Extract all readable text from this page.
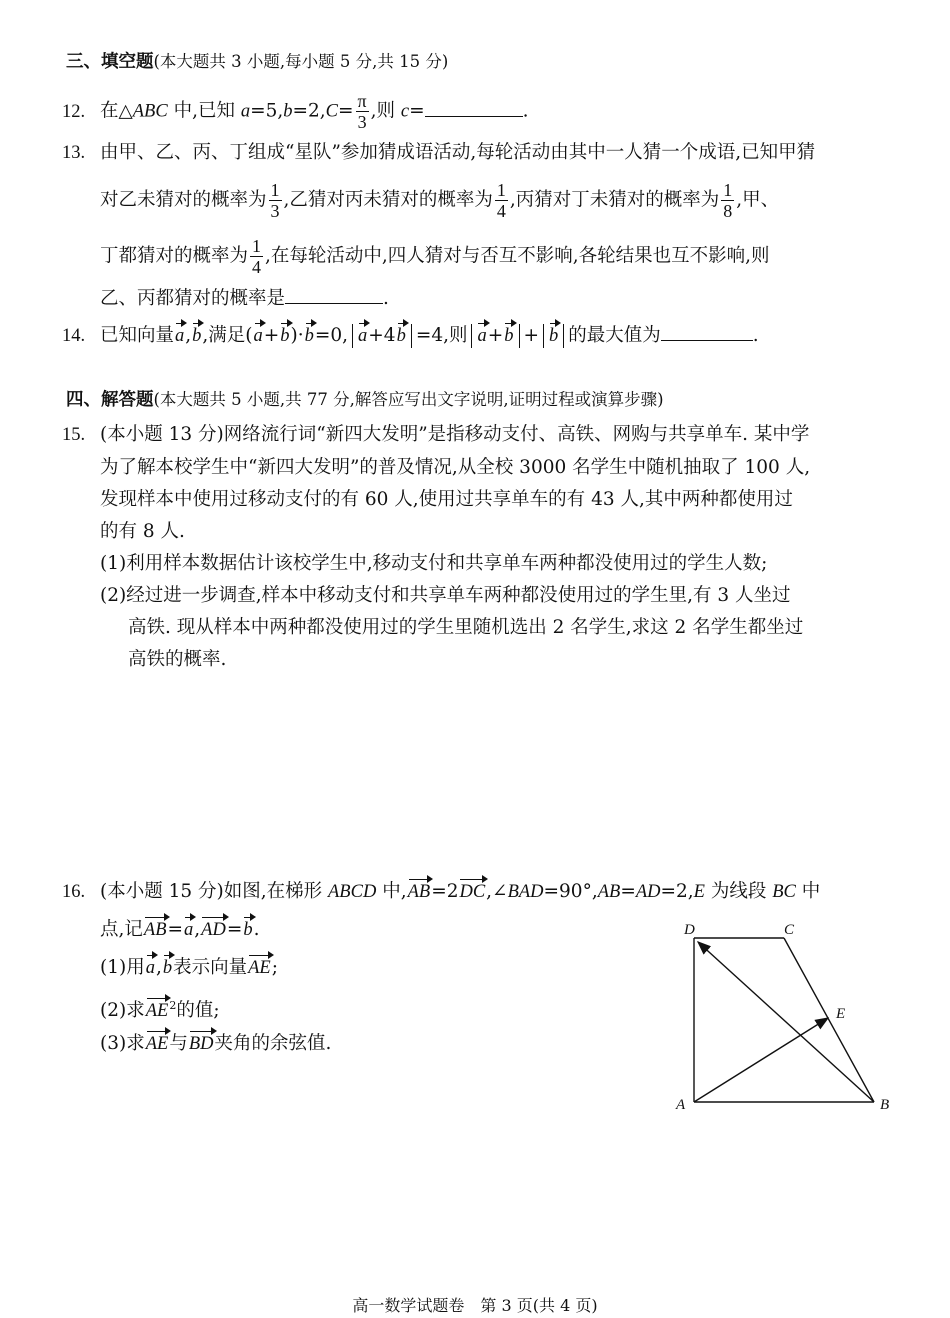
三、填空题(本大题共 3 小题,每小题 5 分,共 15 分)
12. 在△ABC 中,已知 $a=5,b=2,C= \frac{\pi}{3}$ ,则 c=	.
13. 由甲、乙、丙、丁组成“星队”参加猜成语活动,每轮活动由其中一人猜一个成语,已知甲猜
对乙未猜对的概率为 $\frac{1}{3}$ ,乙猜对丙未猜对的概率为 $\frac{1}{4}$ ,丙猜对丁未猜对的概率为 $\frac{1}{8}$ ,甲、
丁都猜对的概率为 $\frac{1}{4}$ ,在每轮活动中,四人猜对与否互不影响,各轮结果也互不影响,则
乙、丙都猜对的概率是	.
14. 已知向量a,b,满足(a+b)·b=0, a+4b =4,则 a+b + b 的最大值为	.
四、解答题(本大题共 5 小题,共 77 分,解答应写出文字说明,证明过程或演算步骤)
15. (本小题 13 分)网络流行词“新四大发明”是指移动支付、高铁、网购与共享单车. 某中学
为了解本校学生中“新四大发明”的普及情况,从全校 3000 名学生中随机抽取了 100 人,
发现样本中使用过移动支付的有 60 人,使用过共享单车的有 43 人,其中两种都使用过
的有 8 人.
(1)利用样本数据估计该校学生中,移动支付和共享单车两种都没使用过的学生人数;
(2)经过进一步调查,样本中移动支付和共享单车两种都没使用过的学生里,有 3 人坐过
高铁. 现从样本中两种都没使用过的学生里随机选出 2 名学生,求这 2 名学生都坐过
高铁的概率.
16. (本小题 15 分)如图,在梯形 ABCD 中,AB=2DC,∠BAD=90°,AB=AD=2,E 为线段 BC 中
点,记AB=a,AD=b.
(1)用a,b表示向量AE;
(2)求$AE^2$的值;
(3)求AE与BD夹角的余弦值.
D	C
E
A	B
高一数学试题卷　第 3 页(共 4 页)
